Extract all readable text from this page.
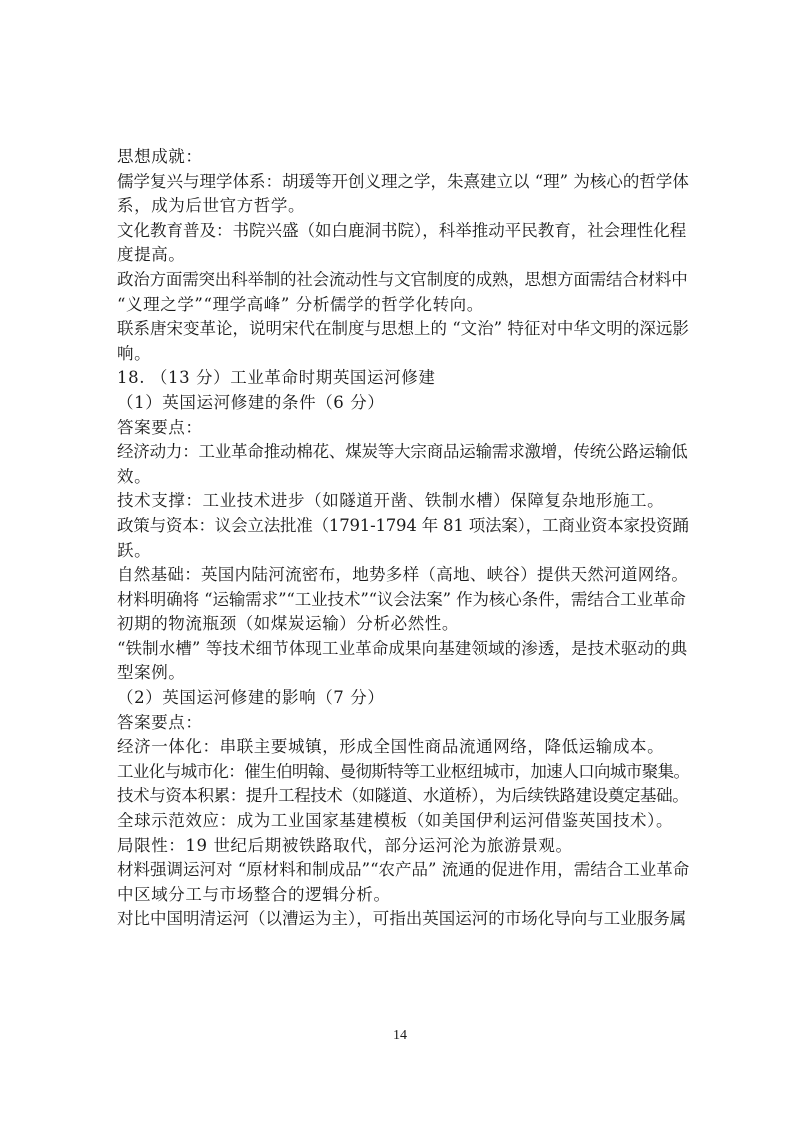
思想成就：
儒学复兴与理学体系：胡瑗等开创义理之学，朱熹建立以 “理” 为核心的哲学体
系，成为后世官方哲学。
文化教育普及：书院兴盛（如白鹿洞书院），科举推动平民教育，社会理性化程
度提高。
政治方面需突出科举制的社会流动性与文官制度的成熟，思想方面需结合材料中
“义理之学”“理学高峰” 分析儒学的哲学化转向。
联系唐宋变革论，说明宋代在制度与思想上的 “文治” 特征对中华文明的深远影
响。
18. （13 分）工业革命时期英国运河修建
（1）英国运河修建的条件（6 分）
答案要点：
经济动力：工业革命推动棉花、煤炭等大宗商品运输需求激增，传统公路运输低
效。
技术支撑：工业技术进步（如隧道开凿、铁制水槽）保障复杂地形施工。
政策与资本：议会立法批准（1791-1794 年 81 项法案），工商业资本家投资踊
跃。
自然基础：英国内陆河流密布，地势多样（高地、峡谷）提供天然河道网络。
材料明确将 “运输需求”“工业技术”“议会法案” 作为核心条件，需结合工业革命
初期的物流瓶颈（如煤炭运输）分析必然性。
“铁制水槽” 等技术细节体现工业革命成果向基建领域的渗透，是技术驱动的典
型案例。
（2）英国运河修建的影响（7 分）
答案要点：
经济一体化：串联主要城镇，形成全国性商品流通网络，降低运输成本。
工业化与城市化：催生伯明翰、曼彻斯特等工业枢纽城市，加速人口向城市聚集。
技术与资本积累：提升工程技术（如隧道、水道桥），为后续铁路建设奠定基础。
全球示范效应：成为工业国家基建模板（如美国伊利运河借鉴英国技术）。
局限性：19 世纪后期被铁路取代，部分运河沦为旅游景观。
材料强调运河对 “原材料和制成品”“农产品” 流通的促进作用，需结合工业革命
中区域分工与市场整合的逻辑分析。
对比中国明清运河（以漕运为主），可指出英国运河的市场化导向与工业服务属
14
